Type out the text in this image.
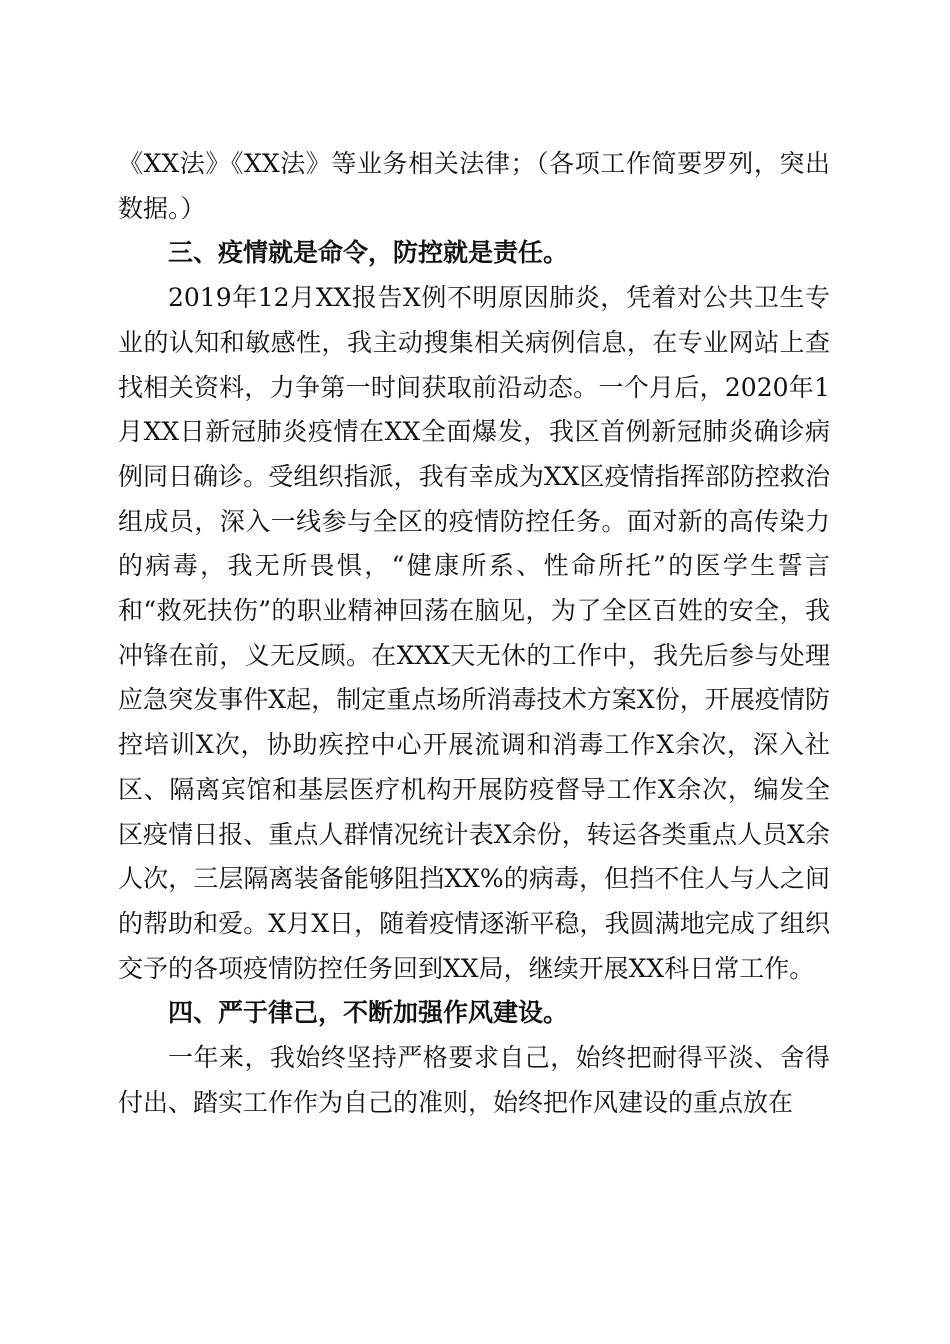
《XX法》《XX法》等业务相关法律；（各项工作简要罗列，突出数据。）

三、疫情就是命令，防控就是责任。

2019年12月XX报告X例不明原因肺炎，凭着对公共卫生专业的认知和敏感性，我主动搜集相关病例信息，在专业网站上查找相关资料，力争第一时间获取前沿动态。一个月后，2020年1月XX日新冠肺炎疫情在XX全面爆发，我区首例新冠肺炎确诊病例同日确诊。受组织指派，我有幸成为XX区疫情指挥部防控救治组成员，深入一线参与全区的疫情防控任务。面对新的高传染力的病毒，我无所畏惧，“健康所系、性命所托”的医学生誓言和“救死扶伤”的职业精神回荡在脑见，为了全区百姓的安全，我冲锋在前，义无反顾。在XXX天无休的工作中，我先后参与处理应急突发事件X起，制定重点场所消毒技术方案X份，开展疫情防控培训X次，协助疾控中心开展流调和消毒工作X余次，深入社区、隔离宾馆和基层医疗机构开展防疫督导工作X余次，编发全区疫情日报、重点人群情况统计表X余份，转运各类重点人员X余人次，三层隔离装备能够阻挡XX%的病毒，但挡不住人与人之间的帮助和爱。X月X日，随着疫情逐渐平稳，我圆满地完成了组织交予的各项疫情防控任务回到XX局，继续开展XX科日常工作。

四、严于律己，不断加强作风建设。

一年来，我始终坚持严格要求自己，始终把耐得平淡、舍得付出、踏实工作作为自己的准则，始终把作风建设的重点放在
